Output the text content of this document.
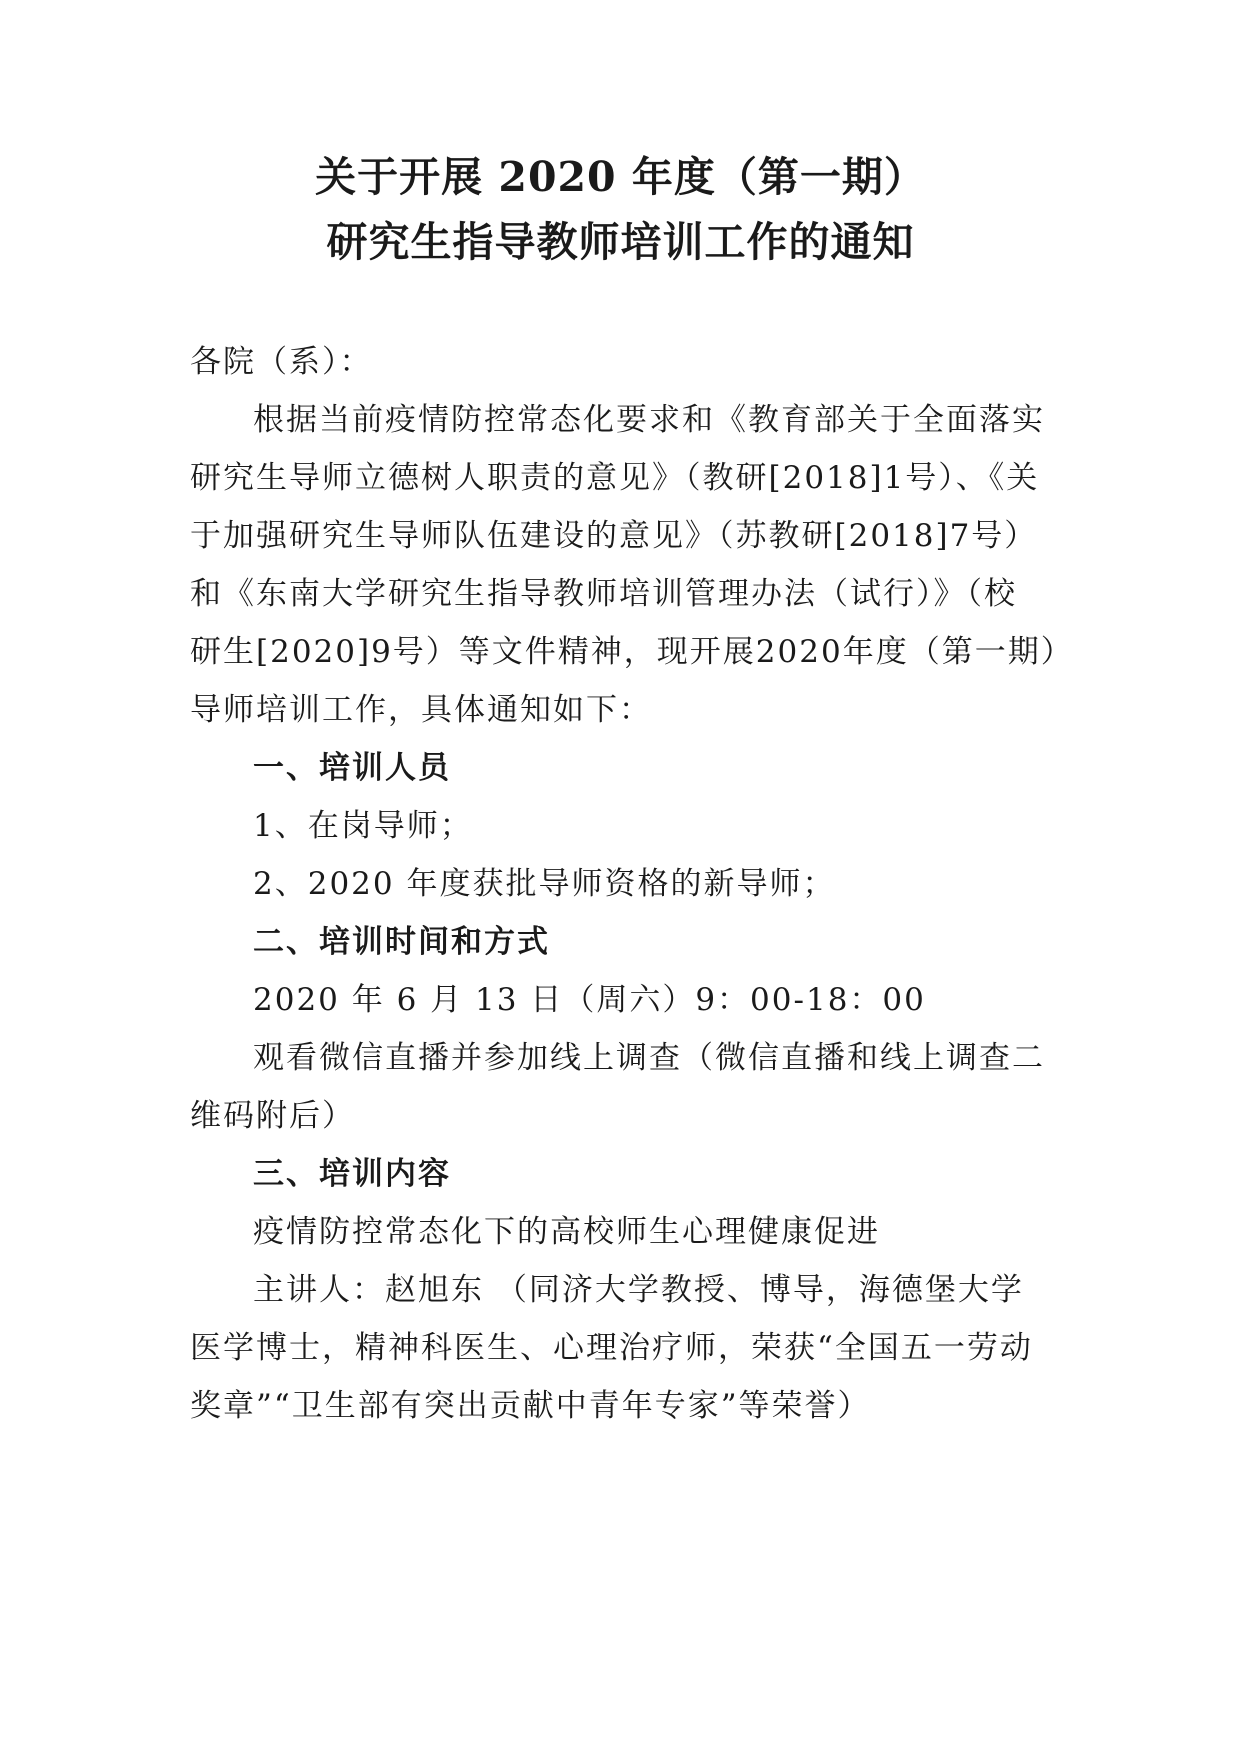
关于开展 2020 年度（第一期）
研究生指导教师培训工作的通知

各院（系）：

根据当前疫情防控常态化要求和《教育部关于全面落实

研究生导师立德树人职责的意见》（教研[2018]1号）、《关

于加强研究生导师队伍建设的意见》（苏教研[2018]7号）

和《东南大学研究生指导教师培训管理办法（试行）》（校

研生[2020]9号）等文件精神，现开展2020年度（第一期）

导师培训工作，具体通知如下：

一、培训人员

1、在岗导师；

2、2020 年度获批导师资格的新导师；

二、培训时间和方式

2020 年 6 月 13 日（周六）9：00-18：00

观看微信直播并参加线上调查（微信直播和线上调查二

维码附后）

三、培训内容

疫情防控常态化下的高校师生心理健康促进

主讲人：赵旭东 （同济大学教授、博导，海德堡大学

医学博士，精神科医生、心理治疗师，荣获“全国五一劳动

奖章”“卫生部有突出贡献中青年专家”等荣誉）
